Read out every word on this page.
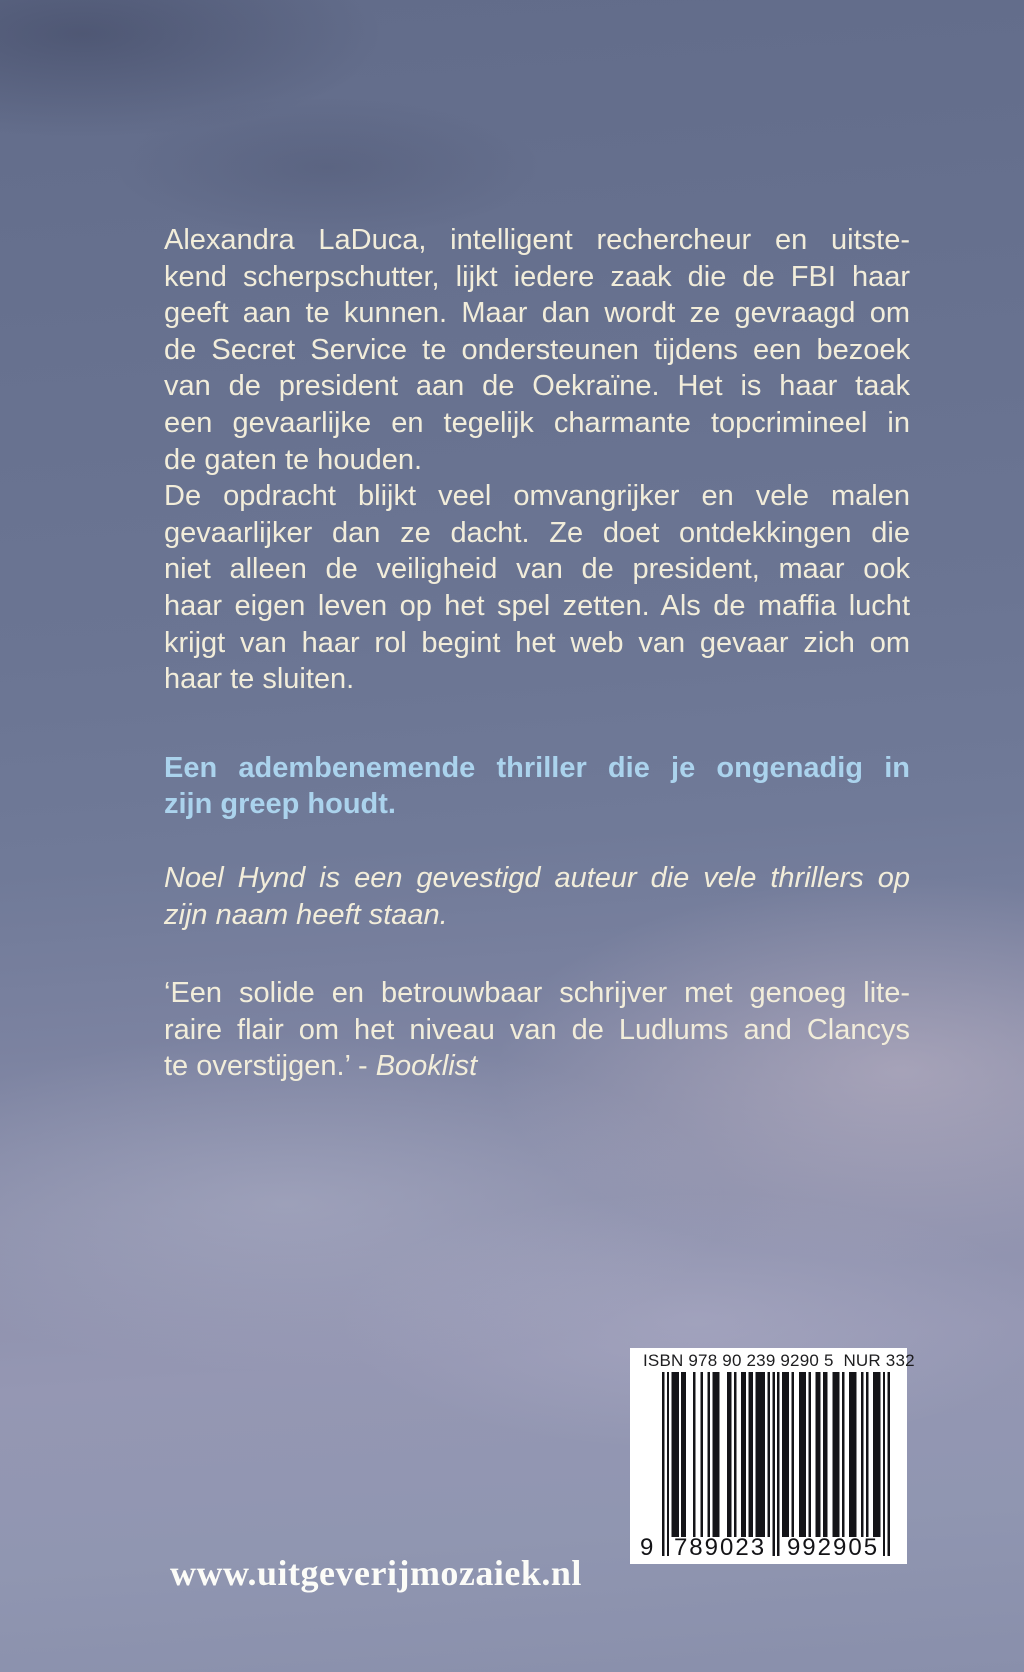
Alexandra LaDuca, intelligent rechercheur en uitste-
kend scherpschutter, lijkt iedere zaak die de FBI haar
geeft aan te kunnen. Maar dan wordt ze gevraagd om
de Secret Service te ondersteunen tijdens een bezoek
van de president aan de Oekraïne. Het is haar taak
een gevaarlijke en tegelijk charmante topcrimineel in
de gaten te houden.
De opdracht blijkt veel omvangrijker en vele malen
gevaarlijker dan ze dacht. Ze doet ontdekkingen die
niet alleen de veiligheid van de president, maar ook
haar eigen leven op het spel zetten. Als de maffia lucht
krijgt van haar rol begint het web van gevaar zich om
haar te sluiten.
Een adembenemende thriller die je ongenadig in
zijn greep houdt.
Noel Hynd is een gevestigd auteur die vele thrillers op
zijn naam heeft staan.
‘Een solide en betrouwbaar schrijver met genoeg lite-
raire flair om het niveau van de Ludlums and Clancys
te overstijgen.’ - Booklist
www.uitgeverijmozaiek.nl
ISBN 978 90 239 9290 5  NUR 332
9 789023 992905
